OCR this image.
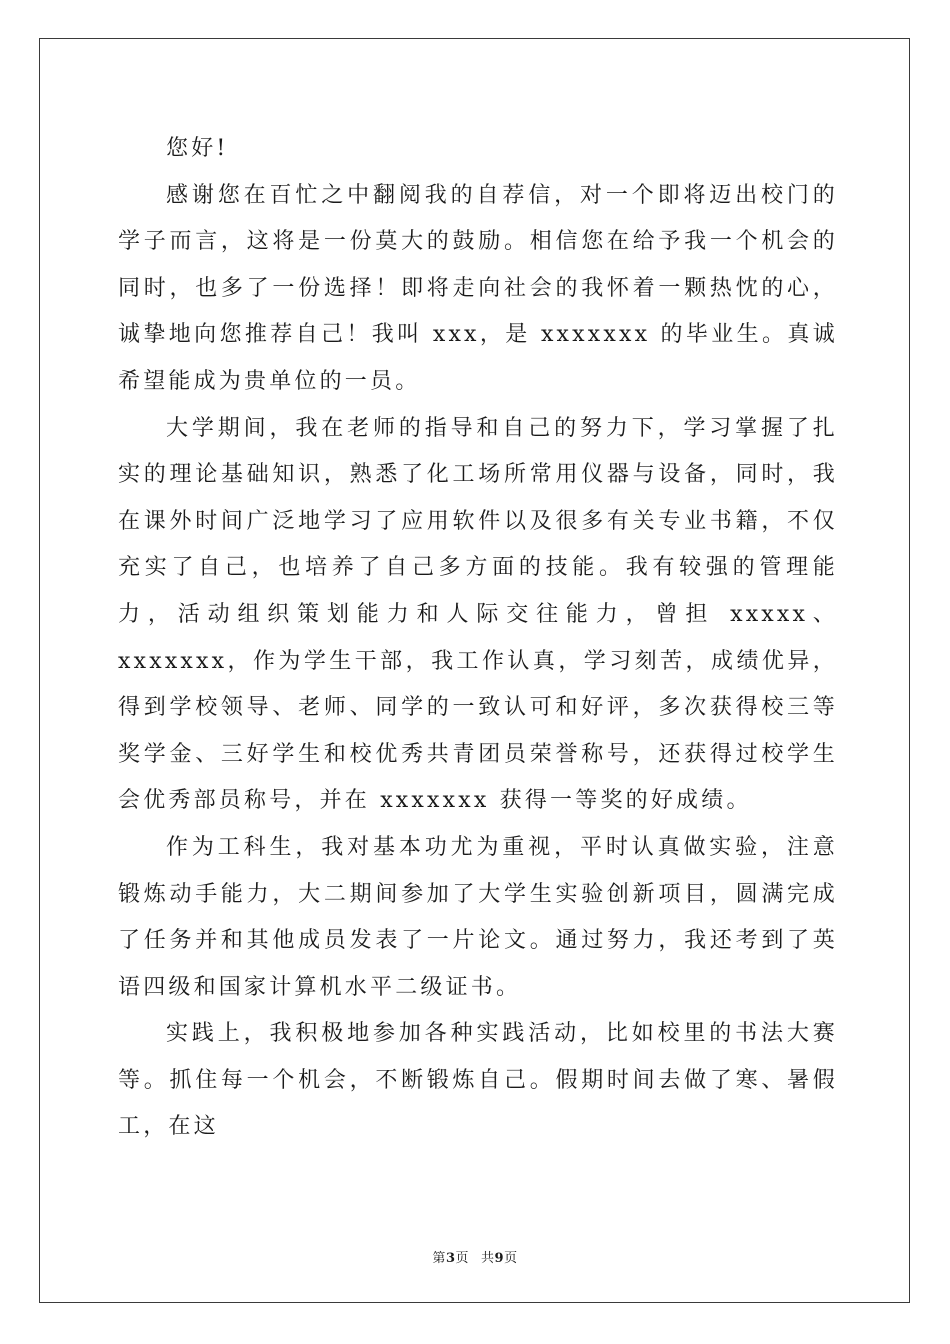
您好!

感谢您在百忙之中翻阅我的自荐信，对一个即将迈出校门的学子而言，这将是一份莫大的鼓励。相信您在给予我一个机会的同时，也多了一份选择！即将走向社会的我怀着一颗热忱的心，诚挚地向您推荐自己！我叫 xxx，是 xxxxxxx 的毕业生。真诚希望能成为贵单位的一员。

大学期间，我在老师的指导和自己的努力下，学习掌握了扎实的理论基础知识，熟悉了化工场所常用仪器与设备，同时，我在课外时间广泛地学习了应用软件以及很多有关专业书籍，不仅充实了自己，也培养了自己多方面的技能。我有较强的管理能力，活动组织策划能力和人际交往能力，曾担 xxxxx、xxxxxxx，作为学生干部，我工作认真，学习刻苦，成绩优异，得到学校领导、老师、同学的一致认可和好评，多次获得校三等奖学金、三好学生和校优秀共青团员荣誉称号，还获得过校学生会优秀部员称号，并在 xxxxxxx 获得一等奖的好成绩。

作为工科生，我对基本功尤为重视，平时认真做实验，注意锻炼动手能力，大二期间参加了大学生实验创新项目，圆满完成了任务并和其他成员发表了一片论文。通过努力，我还考到了英语四级和国家计算机水平二级证书。

实践上，我积极地参加各种实践活动，比如校里的书法大赛等。抓住每一个机会，不断锻炼自己。假期时间去做了寒、暑假工，在这

第3页 共9页
